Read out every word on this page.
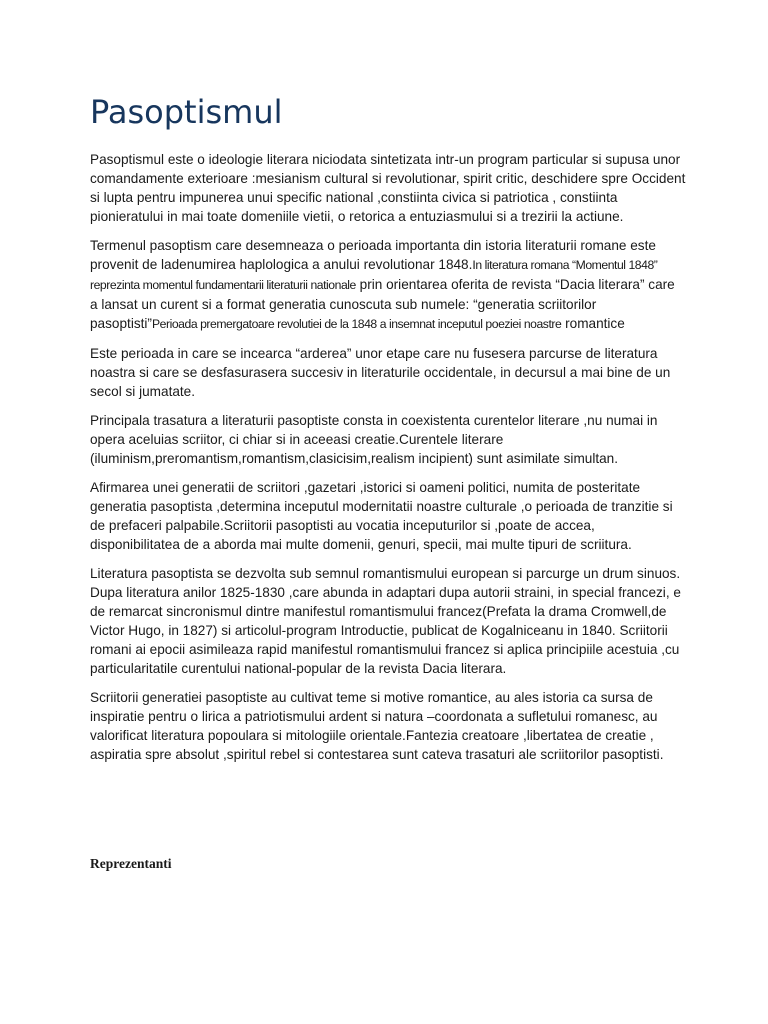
Pasoptismul

Pasoptismul este o ideologie literara niciodata sintetizata intr-un program particular si supusa unor comandamente exterioare :mesianism cultural si revolutionar, spirit critic, deschidere spre Occident si lupta pentru impunerea unui specific national ,constiinta civica si patriotica , constiinta pionieratului in mai toate domeniile vietii, o retorica a entuziasmului si a trezirii la actiune.

Termenul pasoptism care desemneaza o perioada importanta din istoria literaturii romane este provenit de ladenumirea haplologica a anului revolutionar 1848.In literatura romana “Momentul 1848” reprezinta momentul fundamentarii literaturii nationale prin orientarea oferita de revista “Dacia literara” care a lansat un curent si a format generatia cunoscuta sub numele: “generatia scriitorilor pasoptisti”Perioada premergatoare revolutiei de la 1848 a insemnat inceputul poeziei noastre romantice

Este perioada in care se incearca “arderea” unor etape care nu fusesera parcurse de literatura noastra si care se desfasurasera succesiv in literaturile occidentale, in decursul a mai bine de un secol si jumatate.

Principala trasatura a literaturii pasoptiste consta in coexistenta curentelor literare ,nu numai in opera aceluias scriitor, ci chiar si in aceeasi creatie.Curentele literare (iluminism,preromantism,romantism,clasicisim,realism incipient) sunt asimilate simultan.

Afirmarea unei generatii de scriitori ,gazetari ,istorici si oameni politici, numita de posteritate generatia pasoptista ,determina inceputul modernitatii noastre culturale ,o perioada de tranzitie si de prefaceri palpabile.Scriitorii pasoptisti au vocatia inceputurilor si ,poate de accea, disponibilitatea de a aborda mai multe domenii, genuri, specii, mai multe tipuri de scriitura.

Literatura pasoptista se dezvolta sub semnul romantismului european si parcurge un drum sinuos. Dupa literatura anilor 1825-1830 ,care abunda in adaptari dupa autorii straini, in special francezi, e de remarcat sincronismul dintre manifestul romantismului francez(Prefata la drama Cromwell,de Victor Hugo, in 1827) si articolul-program Introductie, publicat de Kogalniceanu in 1840. Scriitorii romani ai epocii asimileaza rapid manifestul romantismului francez si aplica principiile acestuia ,cu particularitatile curentului national-popular de la revista Dacia literara.

Scriitorii generatiei pasoptiste au cultivat teme si motive romantice, au ales istoria ca sursa de inspiratie pentru o lirica a patriotismului ardent si natura –coordonata a sufletului romanesc, au valorificat literatura popoulara si mitologiile orientale.Fantezia creatoare ,libertatea de creatie , aspiratia spre absolut ,spiritul rebel si contestarea sunt cateva trasaturi ale scriitorilor pasoptisti.

Reprezentanti
